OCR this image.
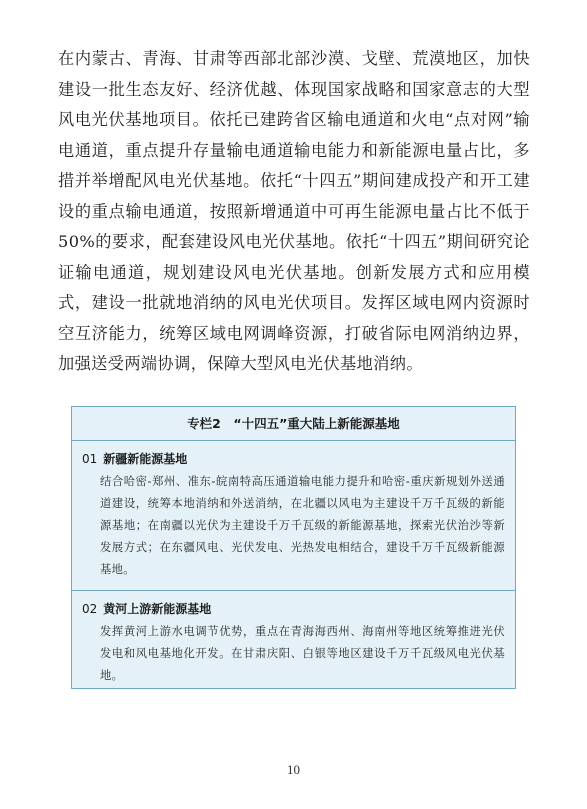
在内蒙古、青海、甘肃等西部北部沙漠、戈壁、荒漠地区，加快建设一批生态友好、经济优越、体现国家战略和国家意志的大型风电光伏基地项目。依托已建跨省区输电通道和火电“点对网”输电通道，重点提升存量输电通道输电能力和新能源电量占比，多措并举增配风电光伏基地。依托“十四五”期间建成投产和开工建设的重点输电通道，按照新增通道中可再生能源电量占比不低于50%的要求，配套建设风电光伏基地。依托“十四五”期间研究论证输电通道，规划建设风电光伏基地。创新发展方式和应用模式，建设一批就地消纳的风电光伏项目。发挥区域电网内资源时空互济能力，统筹区域电网调峰资源，打破省际电网消纳边界，加强送受两端协调，保障大型风电光伏基地消纳。

专栏2　“十四五”重大陆上新能源基地
01 新疆新能源基地
结合哈密-郑州、准东-皖南特高压通道输电能力提升和哈密-重庆新规划外送通道建设，统筹本地消纳和外送消纳，在北疆以风电为主建设千万千瓦级的新能源基地；在南疆以光伏为主建设千万千瓦级的新能源基地，探索光伏治沙等新发展方式；在东疆风电、光伏发电、光热发电相结合，建设千万千瓦级新能源基地。
02 黄河上游新能源基地
发挥黄河上游水电调节优势，重点在青海海西州、海南州等地区统筹推进光伏发电和风电基地化开发。在甘肃庆阳、白银等地区建设千万千瓦级风电光伏基地。
10
